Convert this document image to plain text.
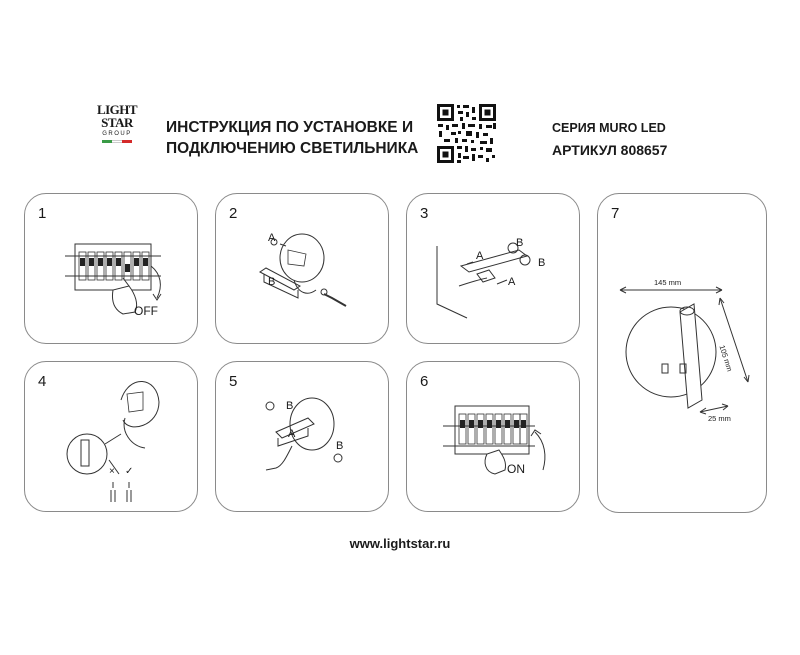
LIGHT
STAR
GROUP	ИНСТРУКЦИЯ ПО УСТАНОВКЕ И
ПОДКЛЮЧЕНИЮ СВЕТИЛЬНИКА
СЕРИЯ MURO LED
АРТИКУЛ 808657
1
OFF
2
A
B
3
A
A
B
B
7
145 mm
105 mm
25 mm
4
× ✓
5
A
B
B
6
ON
www.lightstar.ru
